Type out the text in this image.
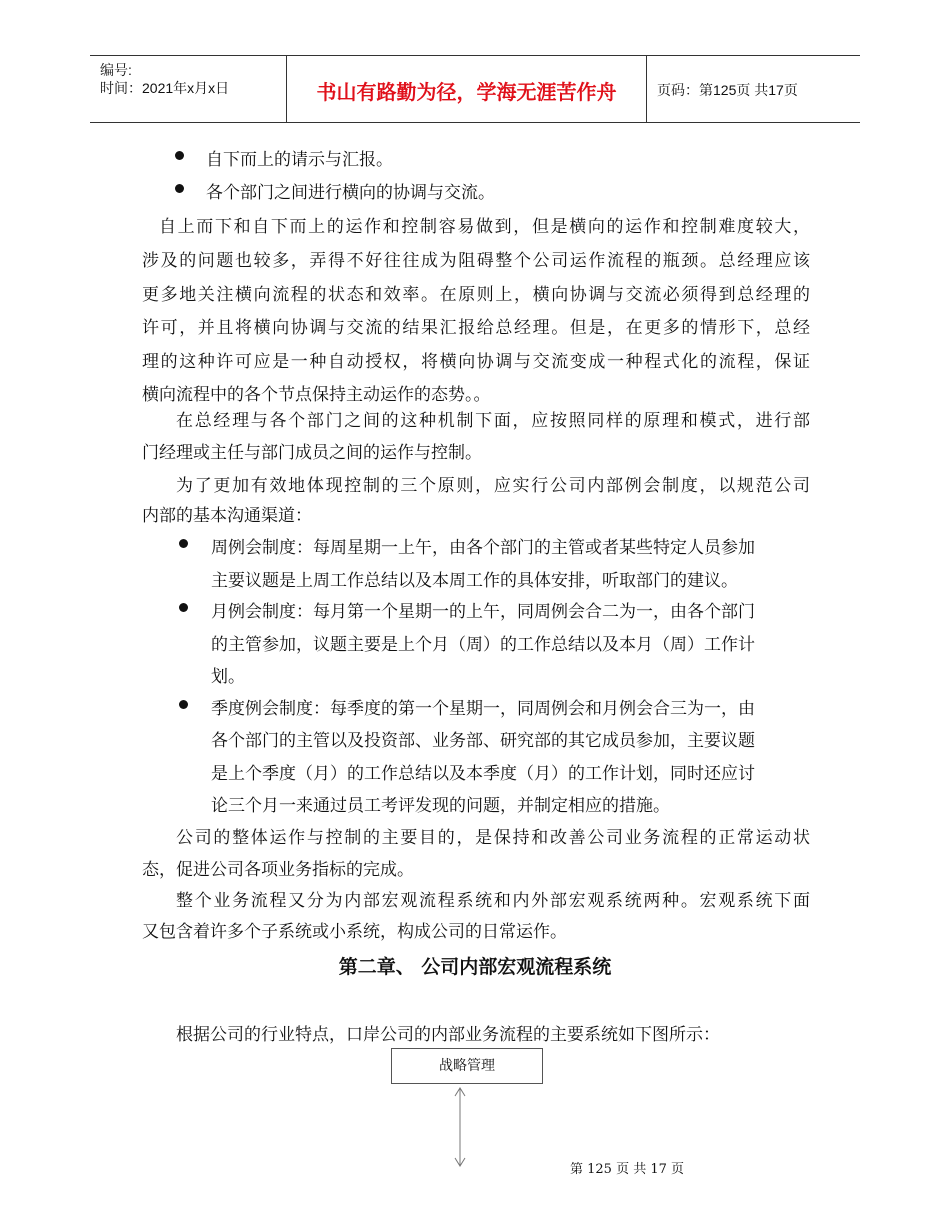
编号:
时间：2021年x月x日	书山有路勤为径，学海无涯苦作舟	页码：第125页 共17页
自下而上的请示与汇报。
各个部门之间进行横向的协调与交流。
自上而下和自下而上的运作和控制容易做到，但是横向的运作和控制难度较大，
涉及的问题也较多，弄得不好往往成为阻碍整个公司运作流程的瓶颈。总经理应该
更多地关注横向流程的状态和效率。在原则上，横向协调与交流必须得到总经理的
许可，并且将横向协调与交流的结果汇报给总经理。但是，在更多的情形下，总经
理的这种许可应是一种自动授权，将横向协调与交流变成一种程式化的流程，保证
横向流程中的各个节点保持主动运作的态势。。
在总经理与各个部门之间的这种机制下面，应按照同样的原理和模式，进行部
门经理或主任与部门成员之间的运作与控制。
为了更加有效地体现控制的三个原则，应实行公司内部例会制度，以规范公司
内部的基本沟通渠道：
周例会制度：每周星期一上午，由各个部门的主管或者某些特定人员参加
主要议题是上周工作总结以及本周工作的具体安排，听取部门的建议。
月例会制度：每月第一个星期一的上午，同周例会合二为一，由各个部门
的主管参加，议题主要是上个月（周）的工作总结以及本月（周）工作计
划。
季度例会制度：每季度的第一个星期一，同周例会和月例会合三为一，由
各个部门的主管以及投资部、业务部、研究部的其它成员参加，主要议题
是上个季度（月）的工作总结以及本季度（月）的工作计划，同时还应讨
论三个月一来通过员工考评发现的问题，并制定相应的措施。
公司的整体运作与控制的主要目的，是保持和改善公司业务流程的正常运动状
态，促进公司各项业务指标的完成。
整个业务流程又分为内部宏观流程系统和内外部宏观系统两种。宏观系统下面
又包含着许多个子系统或小系统，构成公司的日常运作。
第二章、 公司内部宏观流程系统
根据公司的行业特点，口岸公司的内部业务流程的主要系统如下图所示：
战略管理
第 125 页 共 17 页
